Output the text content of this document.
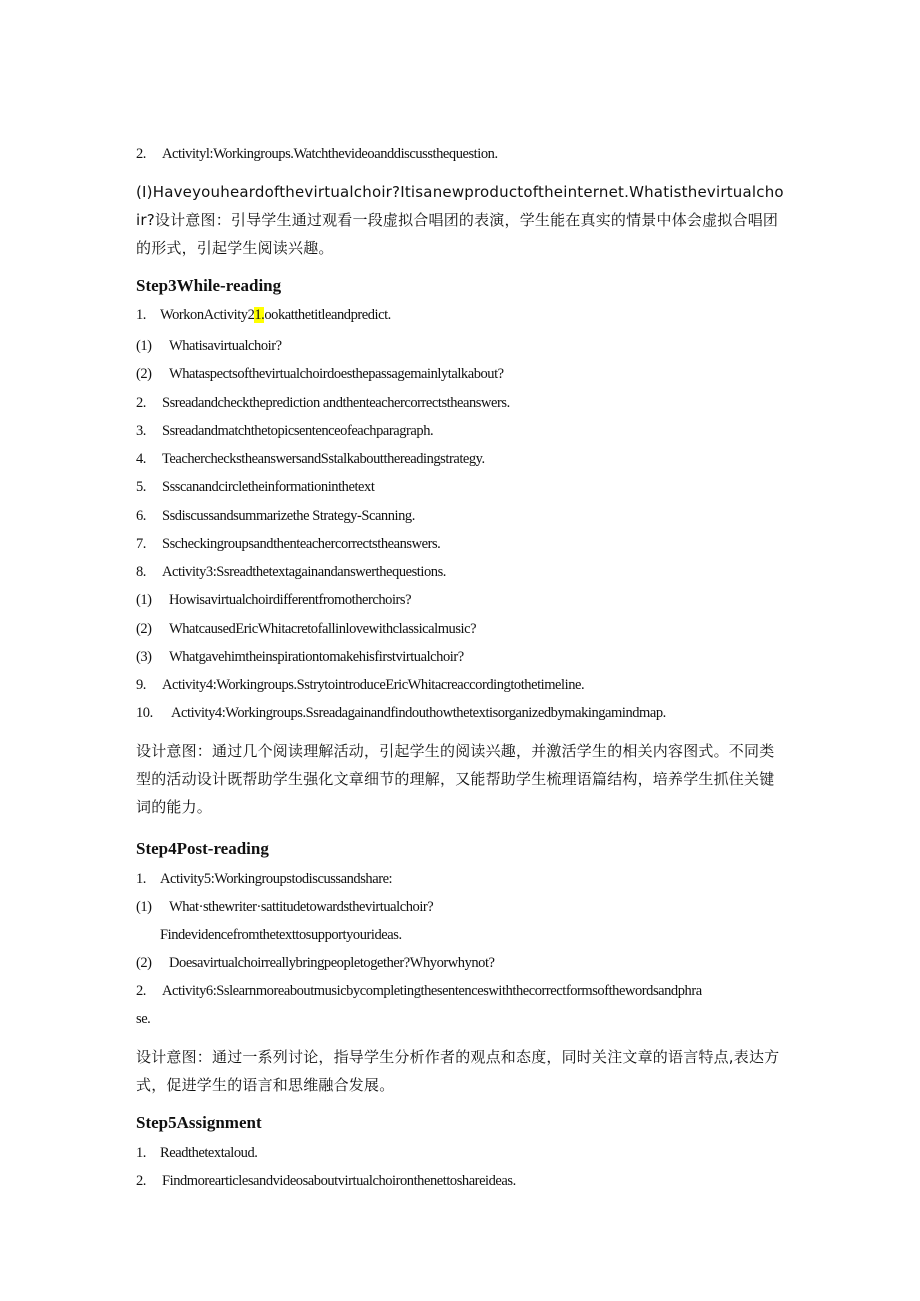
2. Activityl:Workingroups.Watchthevideoanddiscussthequestion.
(I)Haveyouheardofthevirtualchoir?Itisanewproductoftheinternet.Whatisthevirtualchoir?设计意图：引导学生通过观看一段虚拟合唱团的表演，学生能在真实的情景中体会虚拟合唱团的形式，引起学生阅读兴趣。
Step3While-reading
1. WorkonActivity21.ookatthetitleandpredict.
(1) Whatisavirtualchoir?
(2) Whataspectsofthevirtualchoirdoesthepassagemainlytalkabout?
2. Ssreadandchecktheprediction andthenteachercorrectstheanswers.
3. Ssreadandmatchthetopicsentenceofeachparagraph.
4. TeachercheckstheanswersandSstalkaboutthereadingstrategy.
5. Ssscanandcircletheinformationinthetext
6. Ssdiscussandsummarizethe Strategy-Scanning.
7. Sscheckingroupsandthenteachercorrectstheanswers.
8. Activity3:Ssreadthetextagainandanswerthequestions.
(1) Howisavirtualchoirdifferentfromotherchoirs?
(2) WhatcausedEricWhitacretofallinlovewithclassicalmusic?
(3) Whatgavehimtheinspirationtomakehisfirstvirtualchoir?
9. Activity4:Workingroups.SstrytointroduceEricWhitacreaccordingtothetimeline.
10. Activity4:Workingroups.Ssreadagainandfindouthowthetextisorganizedbymakingamindmap.
设计意图：通过几个阅读理解活动，引起学生的阅读兴趣，并激活学生的相关内容图式。不同类型的活动设计既帮助学生强化文章细节的理解，又能帮助学生梳理语篇结构，培养学生抓住关键词的能力。
Step4Post-reading
1. Activity5:Workingroupstodiscussandshare:
(1) What·sthewriter·sattitudetowardsthevirtualchoir?
Findevidencefromthetexttosupportyourideas.
(2) Doesavirtualchoirreallybringpeopletogether?Whyorwhynot?
2. Activity6:Sslearnmoreaboutmusicbycompletingthesentenceswiththecorrectformsofthewordsandphra
se.
设计意图：通过一系列讨论，指导学生分析作者的观点和态度，同时关注文章的语言特点,表达方式，促进学生的语言和思维融合发展。
Step5Assignment
1. Readthetextaloud.
2. Findmorearticlesandvideosaboutvirtualchoironthenettoshareideas.
